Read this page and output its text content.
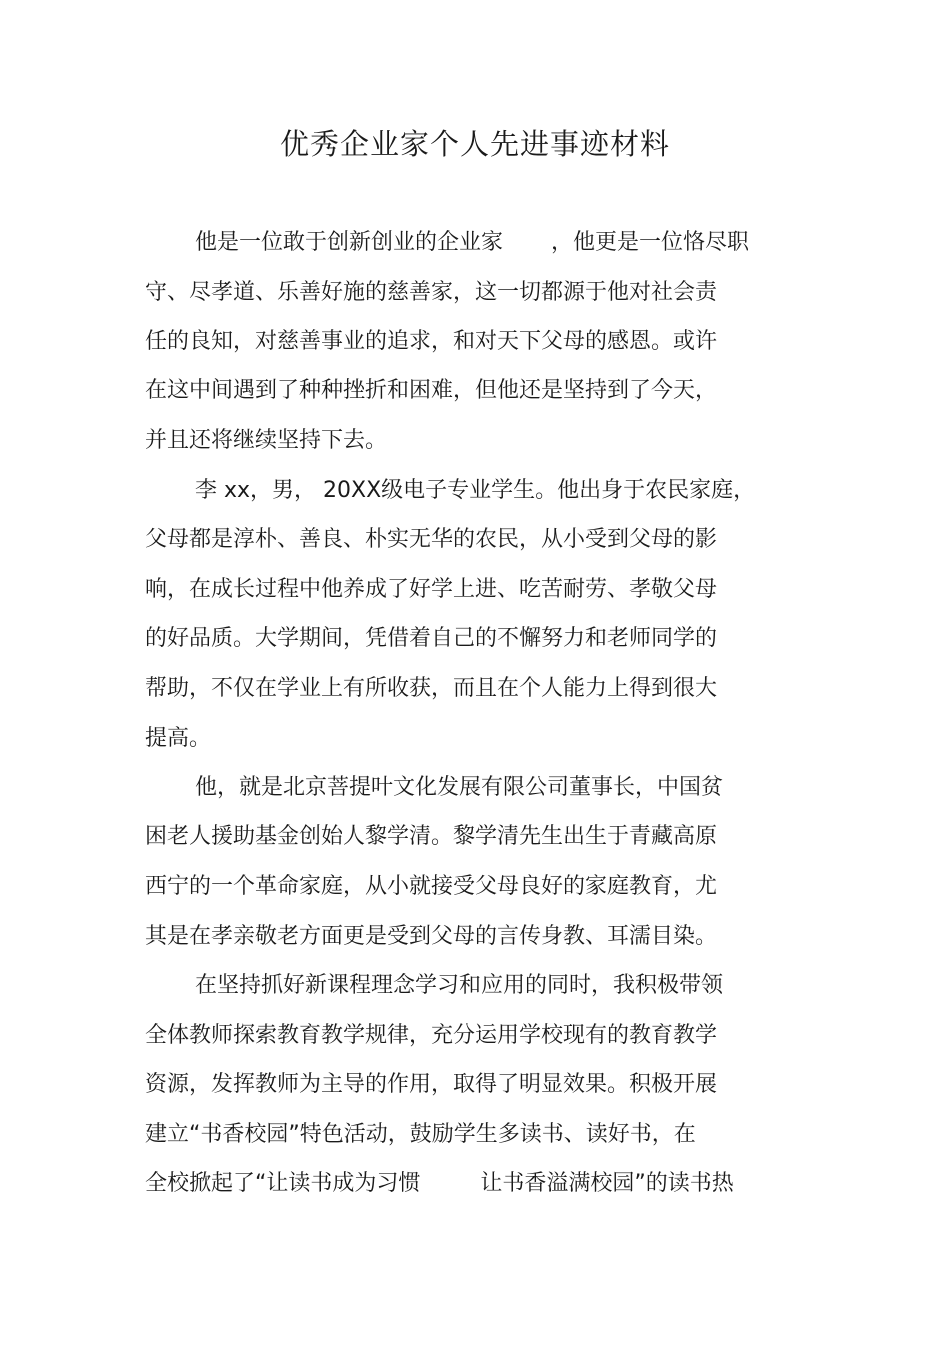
优秀企业家个人先进事迹材料
他是一位敢于创新创业的企业家 ，他更是一位恪尽职
守、尽孝道、乐善好施的慈善家，这一切都源于他对社会责
任的良知，对慈善事业的追求，和对天下父母的感恩。或许
在这中间遇到了种种挫折和困难，但他还是坚持到了今天，
并且还将继续坚持下去。
李 xx，男， 20XX级电子专业学生。他出身于农民家庭，
父母都是淳朴、善良、朴实无华的农民，从小受到父母的影
响，在成长过程中他养成了好学上进、吃苦耐劳、孝敬父母
的好品质。大学期间，凭借着自己的不懈努力和老师同学的
帮助，不仅在学业上有所收获，而且在个人能力上得到很大
提高。
他，就是北京菩提叶文化发展有限公司董事长，中国贫
困老人援助基金创始人黎学清。黎学清先生出生于青藏高原
西宁的一个革命家庭，从小就接受父母良好的家庭教育，尤
其是在孝亲敬老方面更是受到父母的言传身教、耳濡目染。
在坚持抓好新课程理念学习和应用的同时，我积极带领
全体教师探索教育教学规律，充分运用学校现有的教育教学
资源，发挥教师为主导的作用，取得了明显效果。积极开展
建立“书香校园”特色活动，鼓励学生多读书、读好书，在
全校掀起了“让读书成为习惯	让书香溢满校园”的读书热
